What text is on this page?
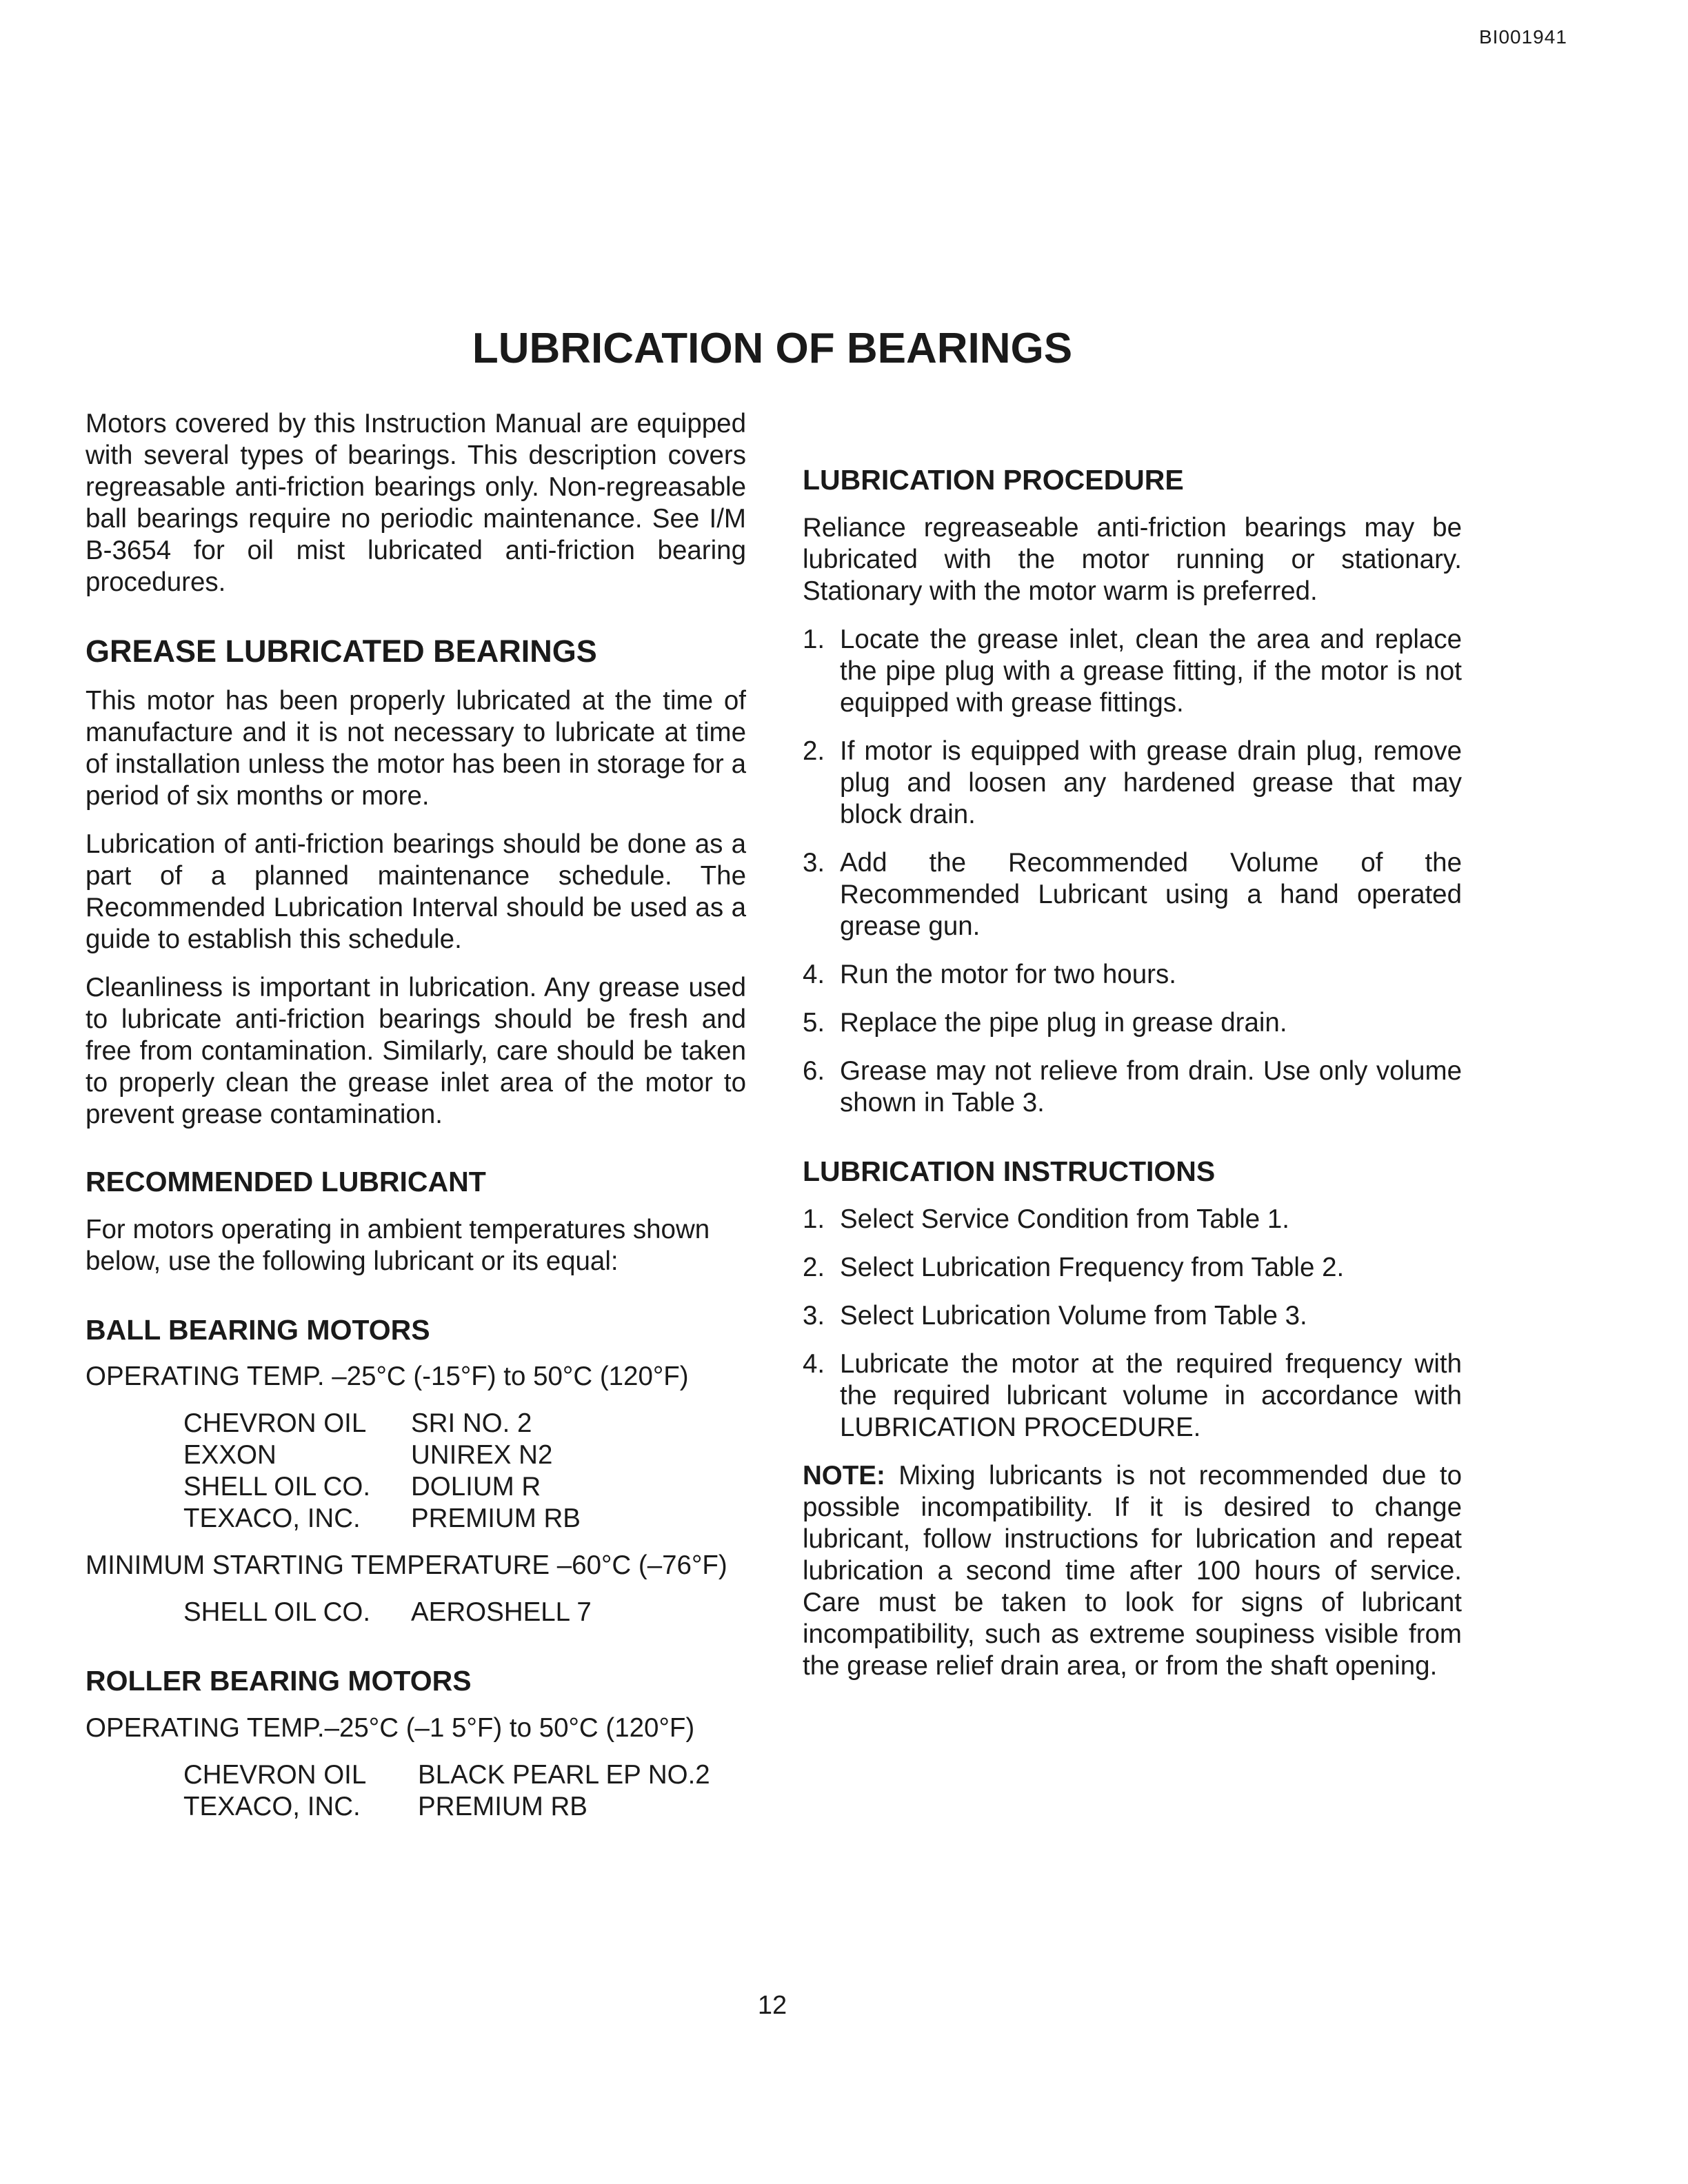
BI001941
LUBRICATION OF BEARINGS

Motors covered by this Instruction Manual are equipped with several types of bearings. This description covers regreasable anti-friction bearings only. Non-regreasable ball bearings require no periodic maintenance. See I/M B-3654 for oil mist lubricated anti-friction bearing procedures.

GREASE LUBRICATED BEARINGS

This motor has been properly lubricated at the time of manufacture and it is not necessary to lubricate at time of installation unless the motor has been in storage for a period of six months or more.

Lubrication of anti-friction bearings should be done as a part of a planned maintenance schedule. The Recommended Lubrication Interval should be used as a guide to establish this schedule.

Cleanliness is important in lubrication. Any grease used to lubricate anti-friction bearings should be fresh and free from contamination. Similarly, care should be taken to properly clean the grease inlet area of the motor to prevent grease contamination.

RECOMMENDED LUBRICANT

For motors operating in ambient temperatures shown below, use the following lubricant or its equal:

BALL BEARING MOTORS

OPERATING TEMP. –25°C (-15°F) to 50°C (120°F)

CHEVRON OIL	SRI NO. 2
EXXON	UNIREX N2
SHELL OIL CO.	DOLIUM R
TEXACO, INC.	PREMIUM RB

MINIMUM STARTING TEMPERATURE –60°C (–76°F)

SHELL OIL CO.	AEROSHELL 7
ROLLER BEARING MOTORS

OPERATING TEMP.–25°C (–1 5°F) to 50°C (120°F)

CHEVRON OIL	BLACK PEARL EP NO.2
TEXACO, INC.	PREMIUM RB
LUBRICATION PROCEDURE

Reliance regreaseable anti-friction bearings may be lubricated with the motor running or stationary. Stationary with the motor warm is preferred.

1. Locate the grease inlet, clean the area and replace the pipe plug with a grease fitting, if the motor is not equipped with grease fittings.
2. If motor is equipped with grease drain plug, remove plug and loosen any hardened grease that may block drain.
3. Add the Recommended Volume of the Recommended Lubricant using a hand operated grease gun.
4. Run the motor for two hours.
5. Replace the pipe plug in grease drain.
6. Grease may not relieve from drain. Use only volume shown in Table 3.
LUBRICATION INSTRUCTIONS
1. Select Service Condition from Table 1.
2. Select Lubrication Frequency from Table 2.
3. Select Lubrication Volume from Table 3.
4. Lubricate the motor at the required frequency with the required lubricant volume in accordance with LUBRICATION PROCEDURE.

NOTE: Mixing lubricants is not recommended due to possible incompatibility. If it is desired to change lubricant, follow instructions for lubrication and repeat lubrication a second time after 100 hours of service. Care must be taken to look for signs of lubricant incompatibility, such as extreme soupiness visible from the grease relief drain area, or from the shaft opening.

12
